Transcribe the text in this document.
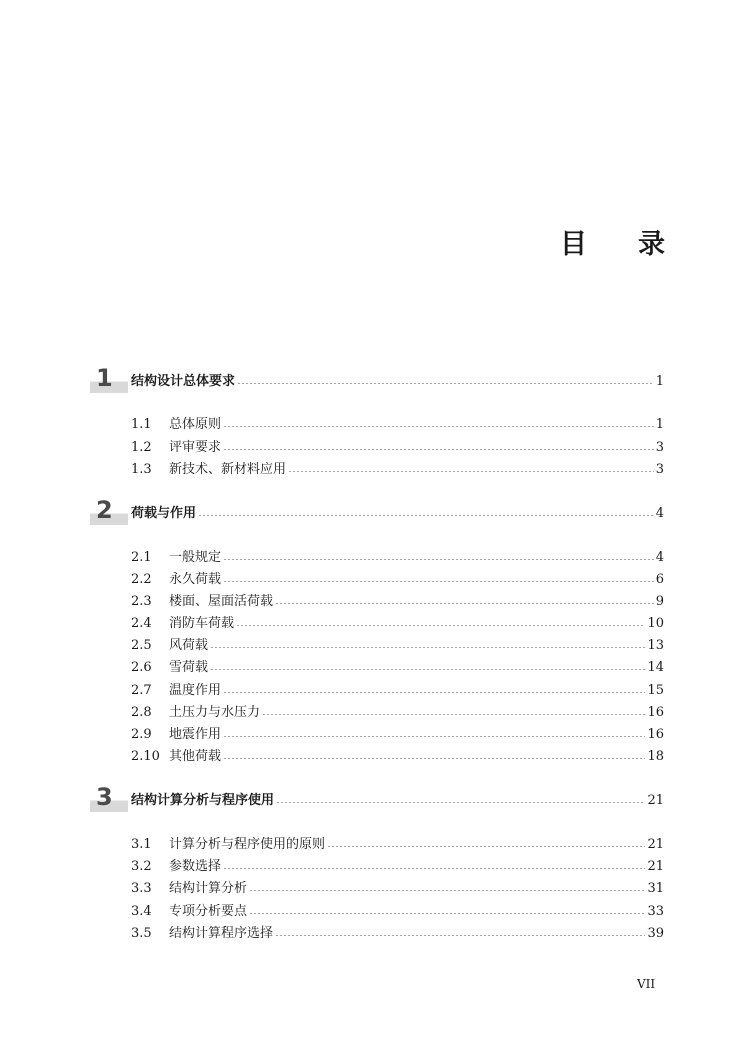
目 录
1 结构设计总体要求	1
1.1	总体原则	1
1.2	评审要求	3
1.3	新技术、新材料应用	3
2 荷载与作用	4
2.1	一般规定	4
2.2	永久荷载	6
2.3	楼面、屋面活荷载	9
2.4	消防车荷载	10
2.5	风荷载	13
2.6	雪荷载	14
2.7	温度作用	15
2.8	土压力与水压力	16
2.9	地震作用	16
2.10 其他荷载	18
3 结构计算分析与程序使用	21
3.1	计算分析与程序使用的原则	21
3.2	参数选择	21
3.3	结构计算分析	31
3.4	专项分析要点	33
3.5	结构计算程序选择	39
VII
